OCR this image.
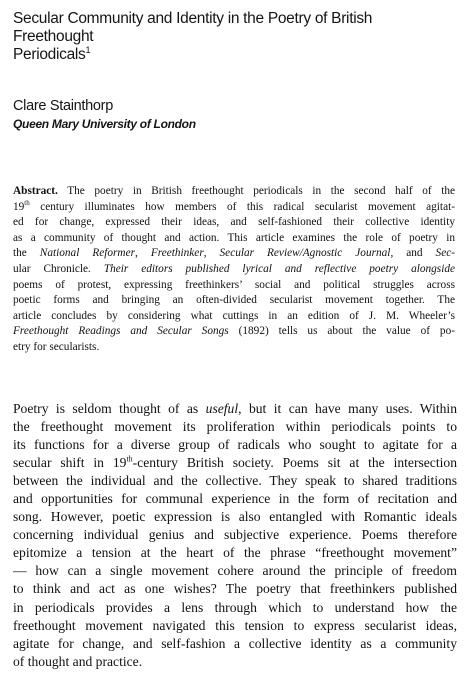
Secular Community and Identity in the Poetry of British Freethought
Periodicals$^1$
Clare Stainthorp
Queen Mary University of London
Abstract. The poetry in British freethought periodicals in the second half of the
19th century illuminates how members of this radical secularist movement agitat-
ed for change, expressed their ideas, and self-fashioned their collective identity
as a community of thought and action. This article examines the role of poetry in
the National Reformer, Freethinker, Secular Review/Agnostic Journal, and Sec-
ular Chronicle. Their editors published lyrical and reflective poetry alongside
poems of protest, expressing freethinkers’ social and political struggles across
poetic forms and bringing an often-divided secularist movement together. The
article concludes by considering what cuttings in an edition of J. M. Wheeler’s
Freethought Readings and Secular Songs (1892) tells us about the value of po-
etry for secularists.
Poetry is seldom thought of as useful, but it can have many uses. Within
the freethought movement its proliferation within periodicals points to
its functions for a diverse group of radicals who sought to agitate for a
secular shift in 19th-century British society. Poems sit at the intersection
between the individual and the collective. They speak to shared traditions
and opportunities for communal experience in the form of recitation and
song. However, poetic expression is also entangled with Romantic ideals
concerning individual genius and subjective experience. Poems therefore
epitomize a tension at the heart of the phrase “freethought movement”
— how can a single movement cohere around the principle of freedom
to think and act as one wishes? The poetry that freethinkers published
in periodicals provides a lens through which to understand how the
freethought movement navigated this tension to express secularist ideas,
agitate for change, and self-fashion a collective identity as a community
of thought and practice.
